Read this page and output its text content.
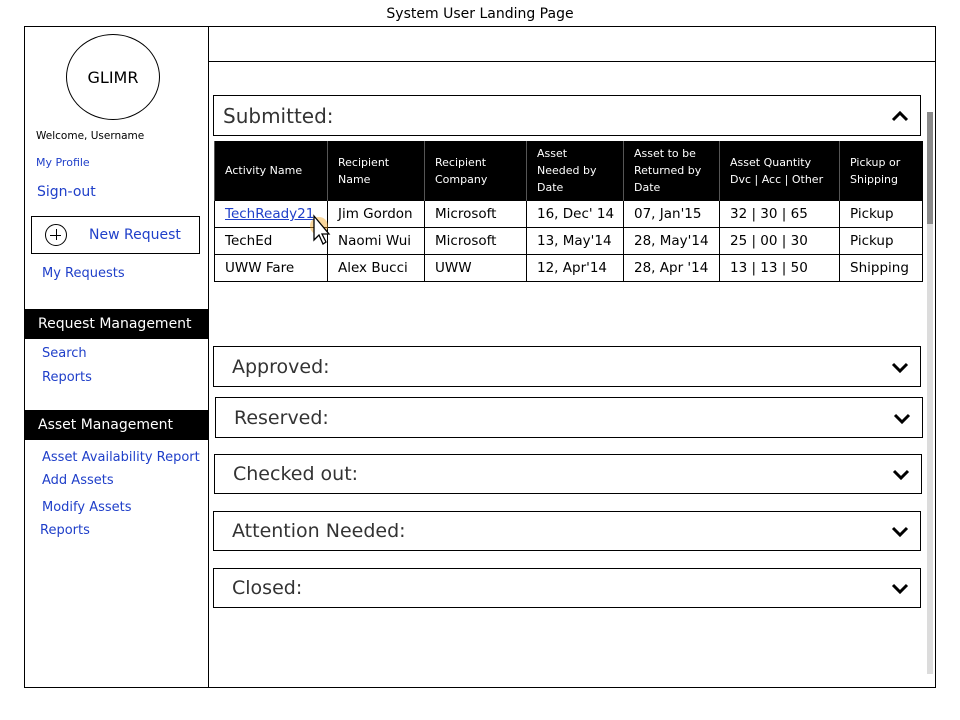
System User Landing Page
GLIMR
Welcome, Username
My Profile
Sign-out
New Request
My Requests
Request Management
Search
Reports
Asset Management
Asset Availability Report
Add Assets
Modify Assets
Reports
Submitted:
Activity Name	Recipient Name	Recipient Company	Asset Needed by Date	Asset to be Returned by Date	Asset Quantity Dvc | Acc | Other	Pickup or Shipping
TechReady21	Jim Gordon	Microsoft	16, Dec' 14	07, Jan'15	32 | 30 | 65	Pickup
TechEd	Naomi Wui	Microsoft	13, May'14	28, May'14	25 | 00 | 30	Pickup
UWW Fare	Alex Bucci	UWW	12, Apr'14	28, Apr '14	13 | 13 | 50	Shipping
Approved:
Reserved:
Checked out:
Attention Needed:
Closed:
